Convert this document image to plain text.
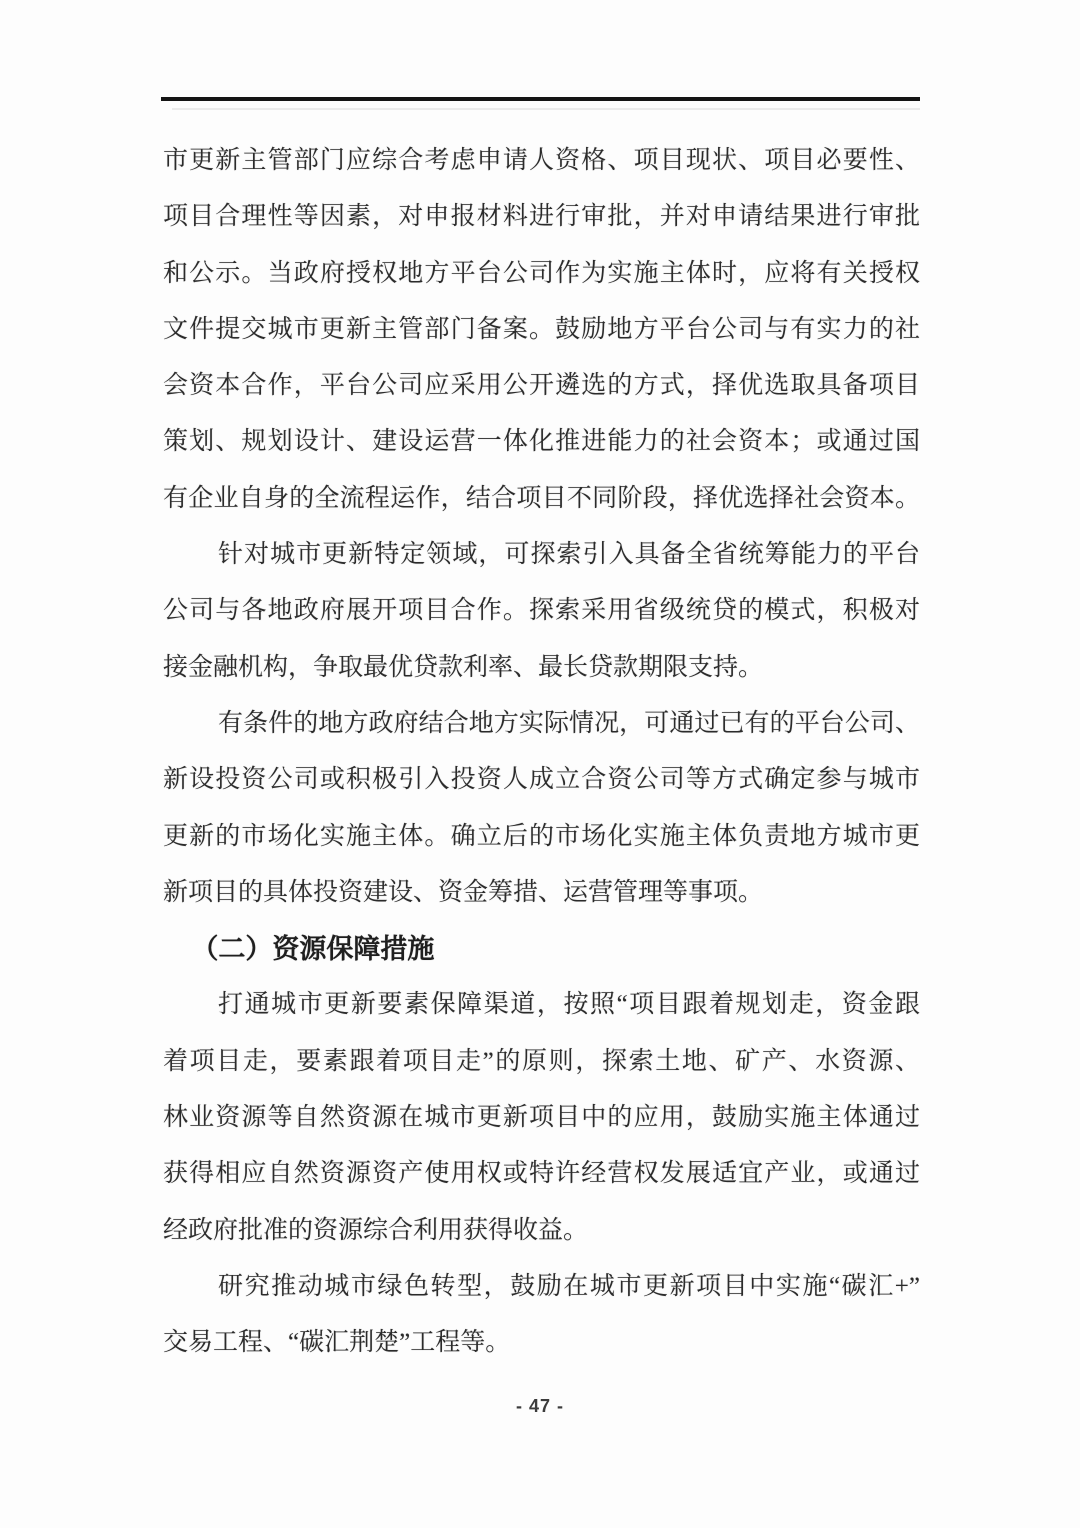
市更新主管部门应综合考虑申请人资格、项目现状、项目必要性、
项目合理性等因素，对申报材料进行审批，并对申请结果进行审批
和公示。当政府授权地方平台公司作为实施主体时，应将有关授权
文件提交城市更新主管部门备案。鼓励地方平台公司与有实力的社
会资本合作，平台公司应采用公开遴选的方式，择优选取具备项目
策划、规划设计、建设运营一体化推进能力的社会资本；或通过国
有企业自身的全流程运作，结合项目不同阶段，择优选择社会资本。
针对城市更新特定领域，可探索引入具备全省统筹能力的平台
公司与各地政府展开项目合作。探索采用省级统贷的模式，积极对
接金融机构，争取最优贷款利率、最长贷款期限支持。
有条件的地方政府结合地方实际情况，可通过已有的平台公司、
新设投资公司或积极引入投资人成立合资公司等方式确定参与城市
更新的市场化实施主体。确立后的市场化实施主体负责地方城市更
新项目的具体投资建设、资金筹措、运营管理等事项。
（二）资源保障措施
打通城市更新要素保障渠道，按照“项目跟着规划走，资金跟
着项目走，要素跟着项目走”的原则，探索土地、矿产、水资源、
林业资源等自然资源在城市更新项目中的应用，鼓励实施主体通过
获得相应自然资源资产使用权或特许经营权发展适宜产业，或通过
经政府批准的资源综合利用获得收益。
研究推动城市绿色转型，鼓励在城市更新项目中实施“碳汇+”
交易工程、“碳汇荆楚”工程等。
- 47 -
